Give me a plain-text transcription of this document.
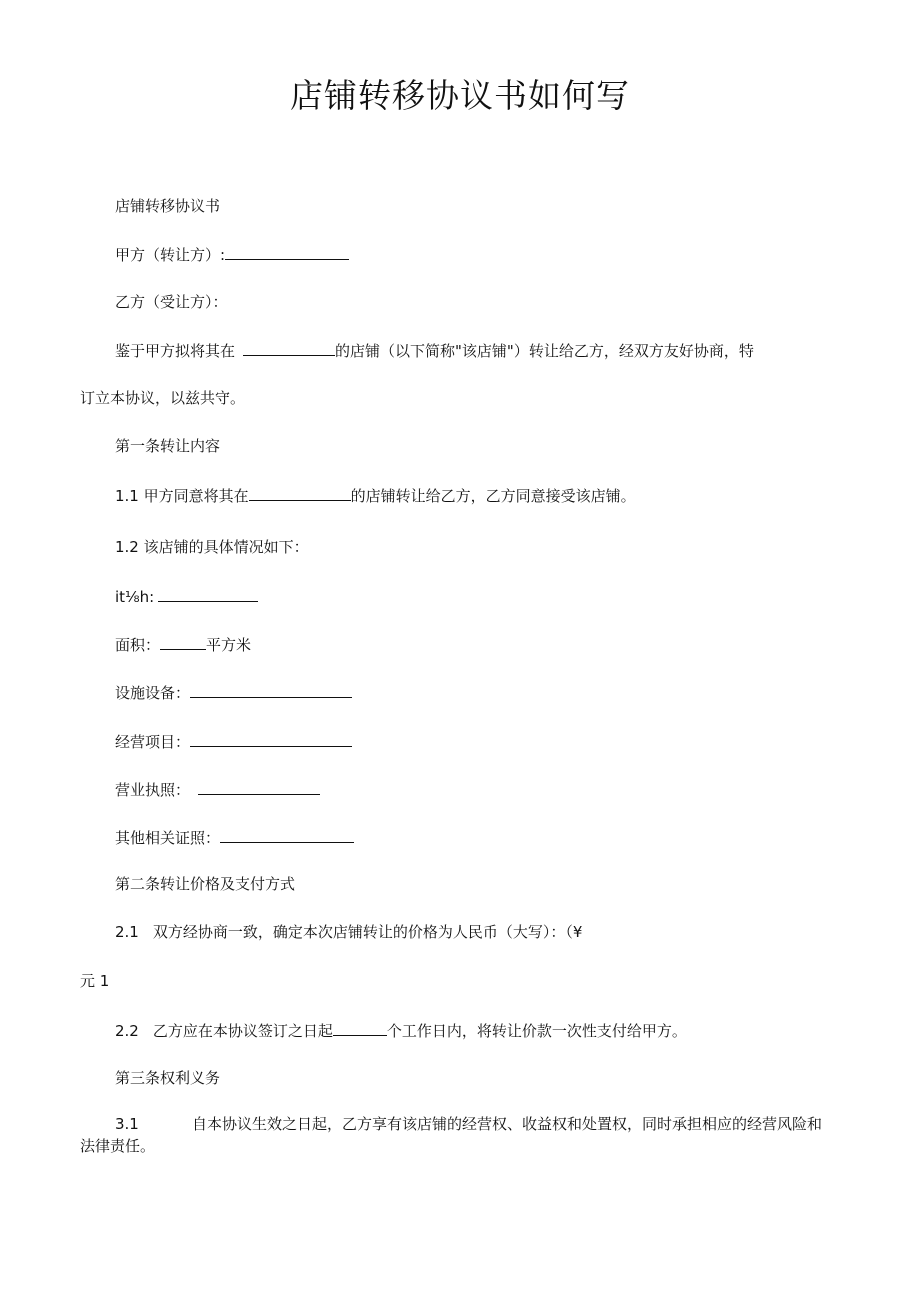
店铺转移协议书如何写
店铺转移协议书
甲方（转让方）:
乙方（受让方）：
鉴于甲方拟将其在	的店铺（以下简称"该店铺"）转让给乙方，经双方友好协商，特
订立本协议，以兹共守。
第一条转让内容
1.1 甲方同意将其在	的店铺转让给乙方，乙方同意接受该店铺。
1.2 该店铺的具体情况如下：
it⅛h:
面积：	平方米
设施设备：
经营项目：
营业执照：
其他相关证照：
第二条转让价格及支付方式
2.1 双方经协商一致，确定本次店铺转让的价格为人民币（大写）：（¥
元 1
2.2 乙方应在本协议签订之日起	个工作日内，将转让价款一次性支付给甲方。
第三条权利义务
3.1	自本协议生效之日起，乙方享有该店铺的经营权、收益权和处置权，同时承担相应的经营风险和法律责任。
